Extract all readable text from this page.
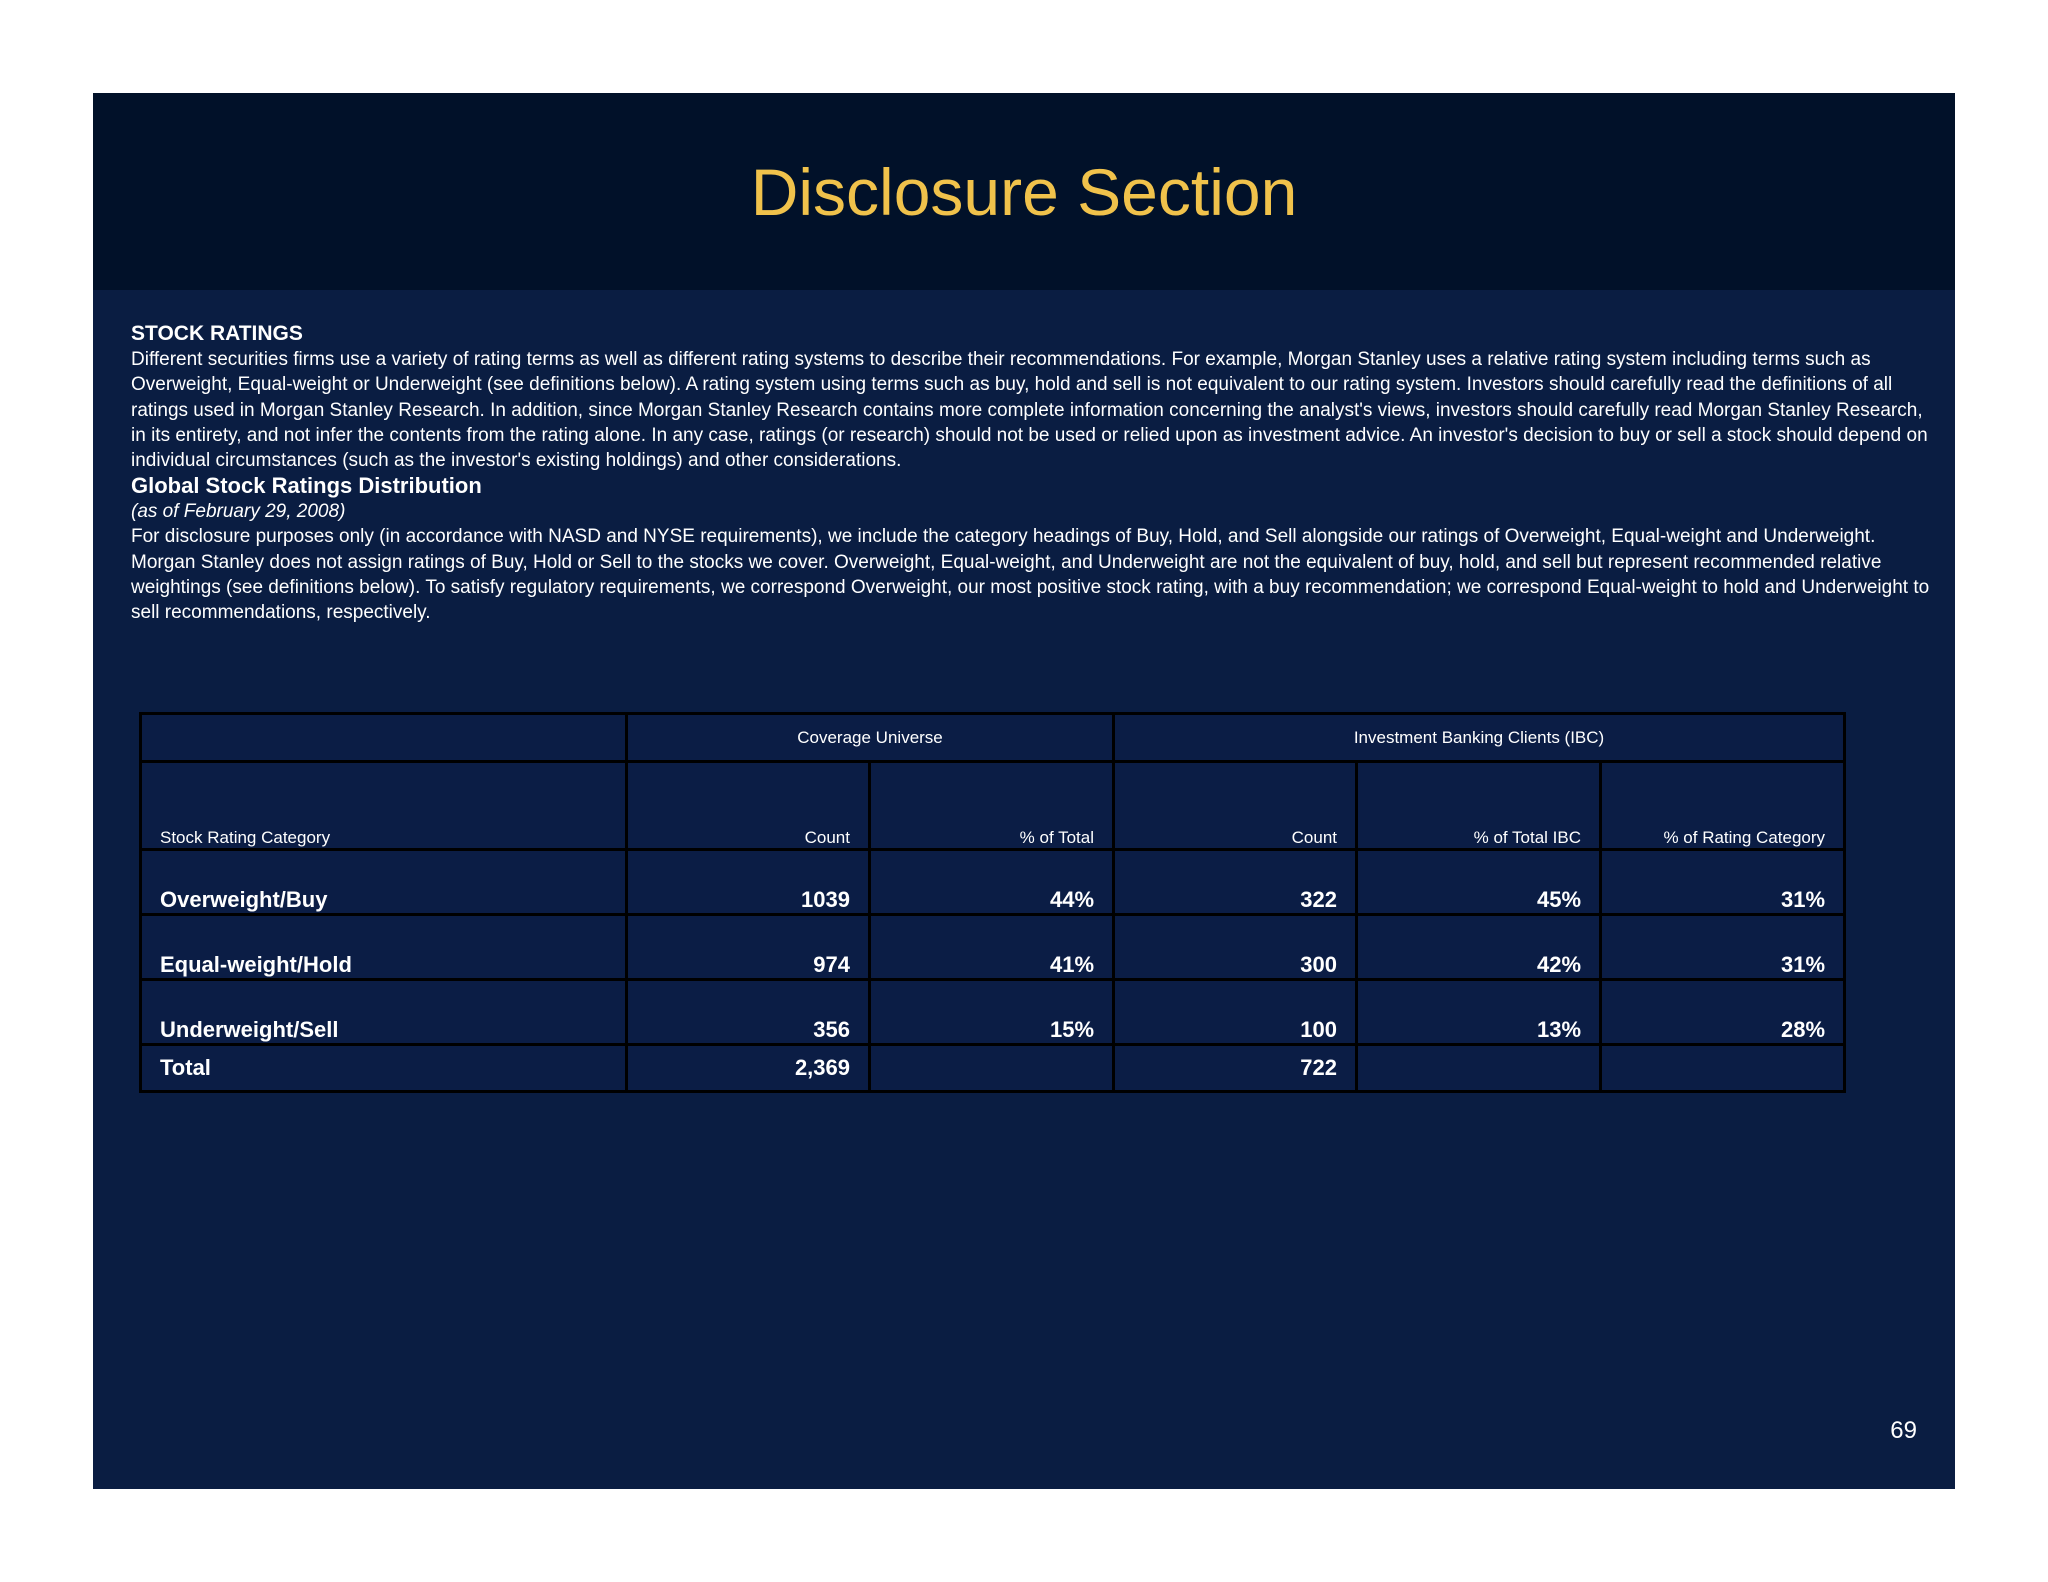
Disclosure Section
STOCK RATINGS
Different securities firms use a variety of rating terms as well as different rating systems to describe their recommendations. For example, Morgan Stanley uses a relative rating system including terms such as Overweight, Equal-weight or Underweight (see definitions below). A rating system using terms such as buy, hold and sell is not equivalent to our rating system. Investors should carefully read the definitions of all ratings used in Morgan Stanley Research. In addition, since Morgan Stanley Research contains more complete information concerning the analyst's views, investors should carefully read Morgan Stanley Research, in its entirety, and not infer the contents from the rating alone. In any case, ratings (or research) should not be used or relied upon as investment advice. An investor's decision to buy or sell a stock should depend on individual circumstances (such as the investor's existing holdings) and other considerations.
Global Stock Ratings Distribution
(as of February 29, 2008)
For disclosure purposes only (in accordance with NASD and NYSE requirements), we include the category headings of Buy, Hold, and Sell alongside our ratings of Overweight, Equal-weight and Underweight. Morgan Stanley does not assign ratings of Buy, Hold or Sell to the stocks we cover. Overweight, Equal-weight, and Underweight are not the equivalent of buy, hold, and sell but represent recommended relative weightings (see definitions below). To satisfy regulatory requirements, we correspond Overweight, our most positive stock rating, with a buy recommendation; we correspond Equal-weight to hold and Underweight to sell recommendations, respectively.
	Coverage Universe		Investment Banking Clients (IBC)		
Stock Rating Category	Count	% of Total	Count	% of Total IBC	% of Rating Category
Overweight/Buy	1039	44%	322	45%	31%
Equal-weight/Hold	974	41%	300	42%	31%
Underweight/Sell	356	15%	100	13%	28%
Total	2,369		722		
69
